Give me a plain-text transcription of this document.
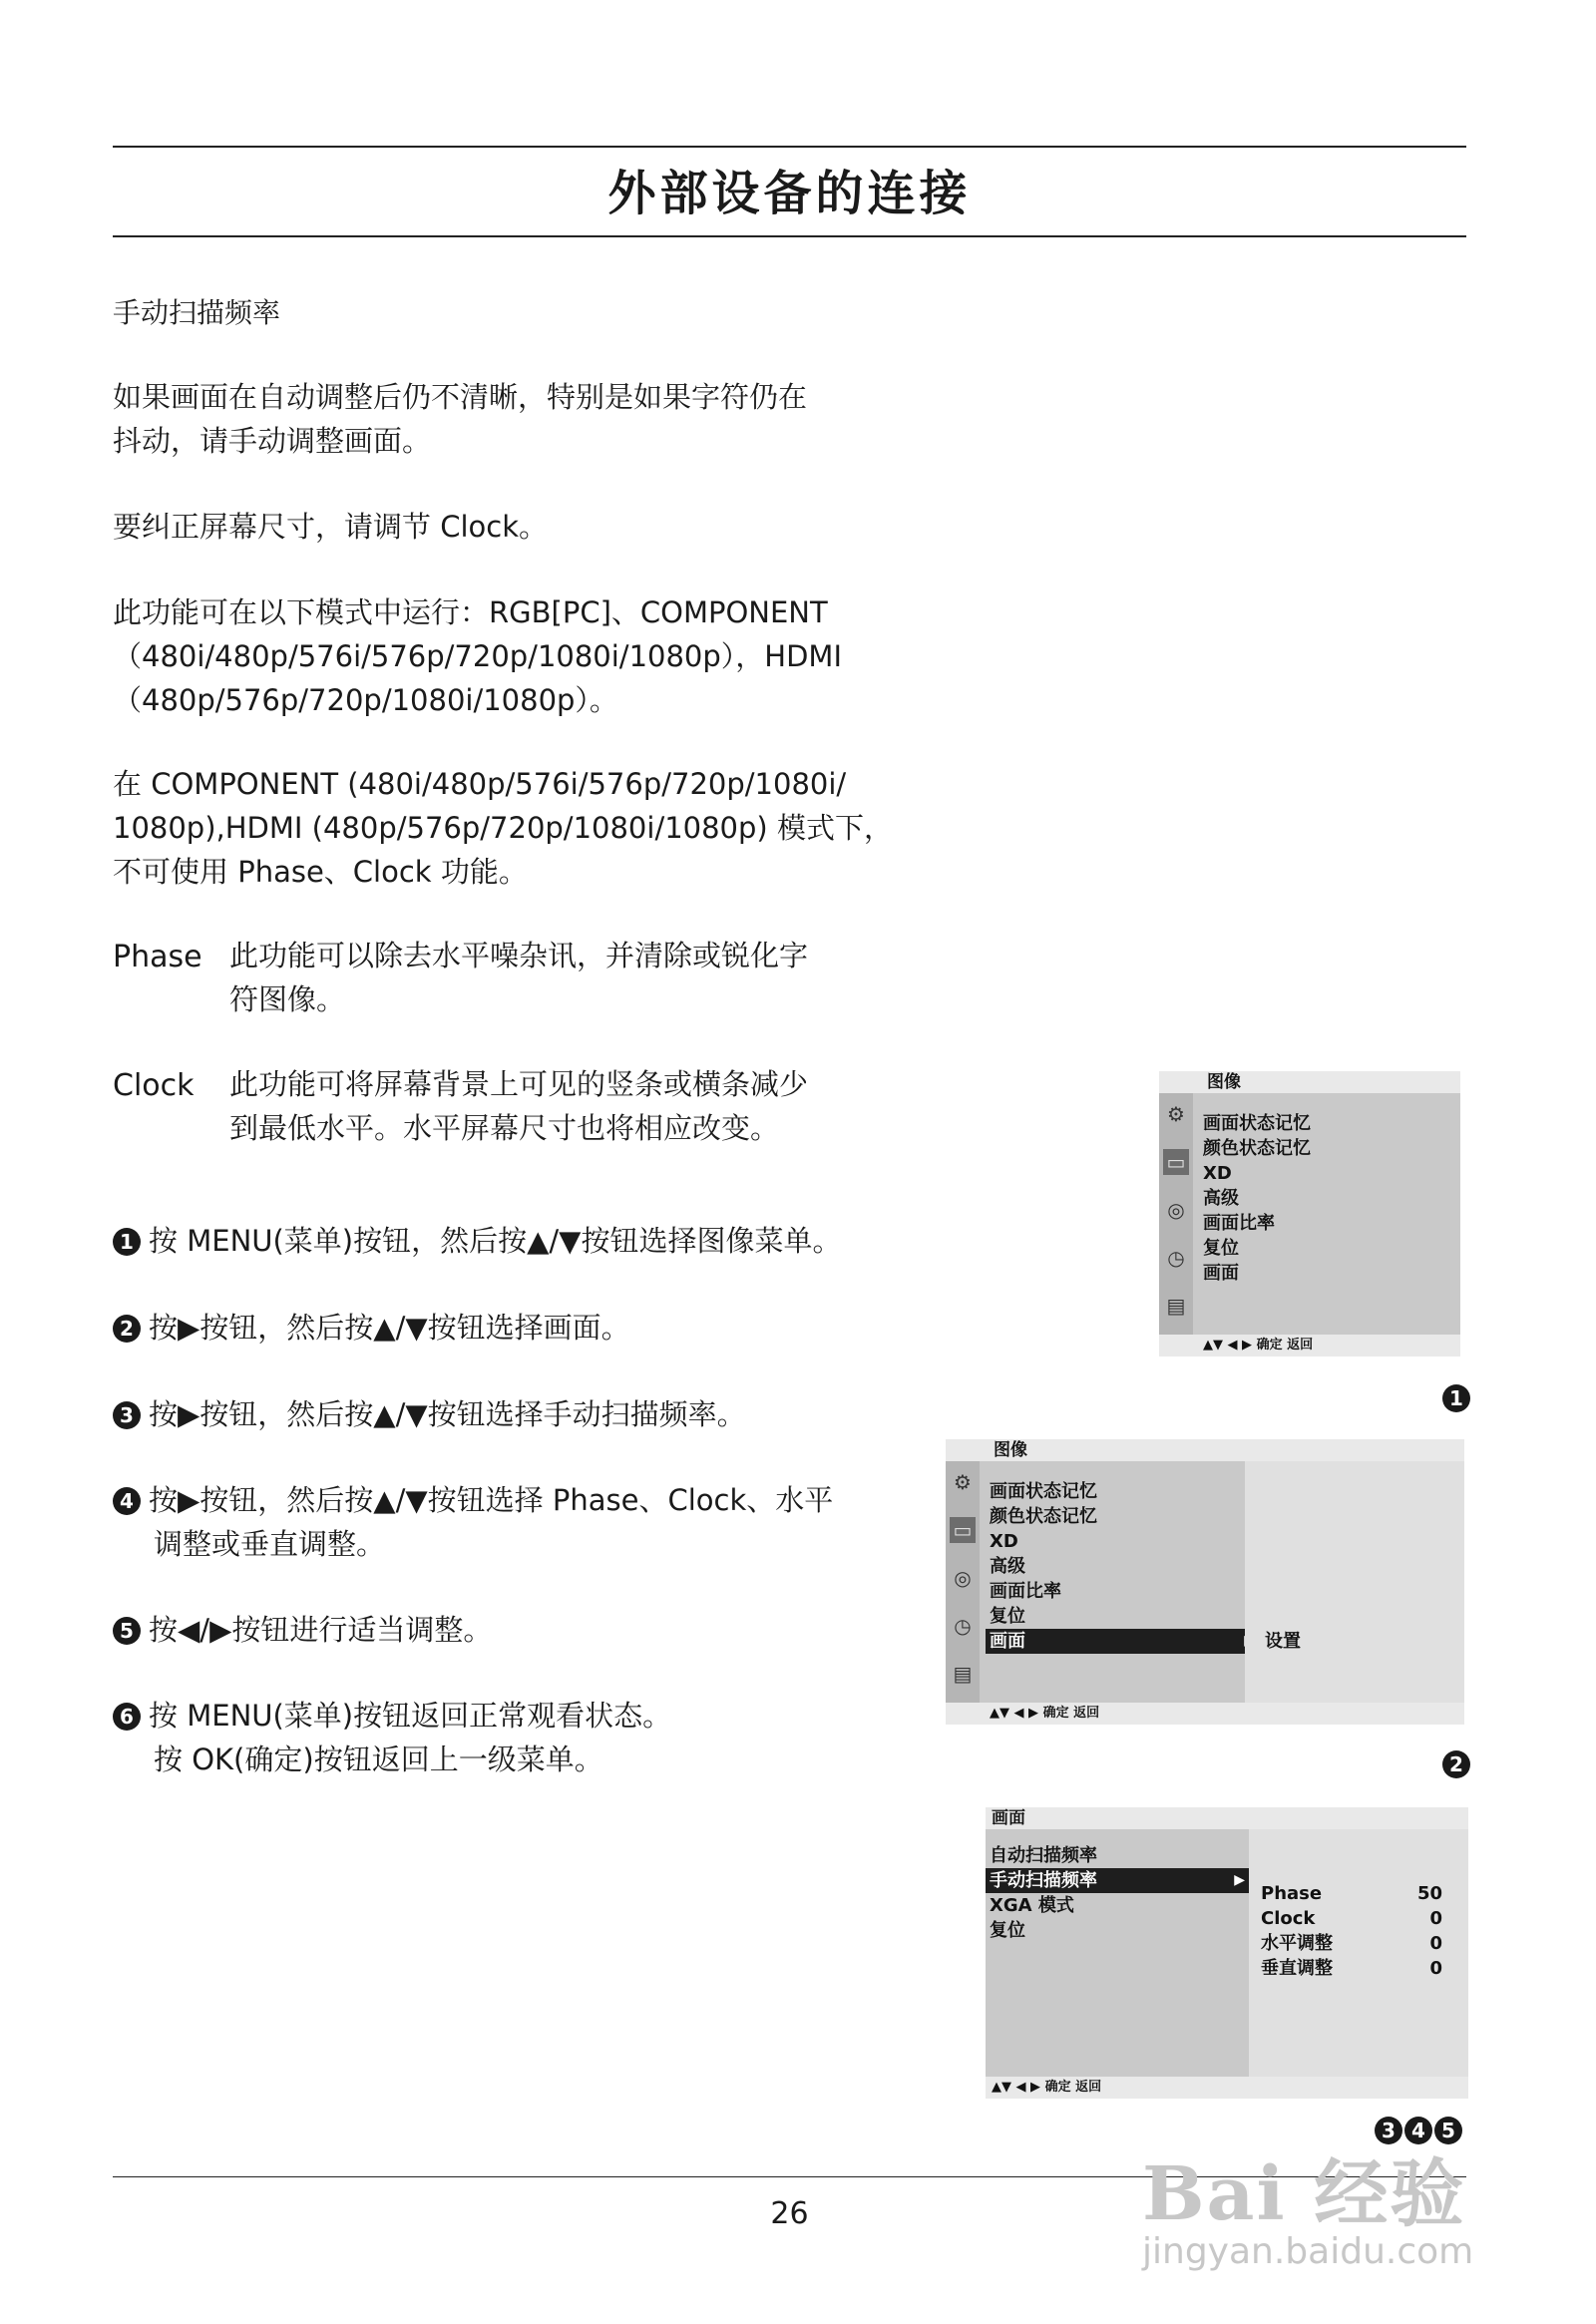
外部设备的连接
手动扫描频率
如果画面在自动调整后仍不清晰，特别是如果字符仍在
抖动，请手动调整画面。
要纠正屏幕尺寸，请调节 Clock。
此功能可在以下模式中运行：RGB[PC]、COMPONENT
（480i/480p/576i/576p/720p/1080i/1080p），HDMI
（480p/576p/720p/1080i/1080p）。
在 COMPONENT (480i/480p/576i/576p/720p/1080i/
1080p),HDMI (480p/576p/720p/1080i/1080p) 模式下，
不可使用 Phase、Clock 功能。
Phase 此功能可以除去水平噪杂讯，并清除或锐化字
符图像。
Clock 此功能可将屏幕背景上可见的竖条或横条减少
到最低水平。水平屏幕尺寸也将相应改变。
1 按 MENU(菜单)按钮，然后按▲/▼按钮选择图像菜单。
2 按▶按钮，然后按▲/▼按钮选择画面。
3 按▶按钮，然后按▲/▼按钮选择手动扫描频率。
4 按▶按钮，然后按▲/▼按钮选择 Phase、Clock、水平
调整或垂直调整。
5 按◀/▶按钮进行适当调整。
6 按 MENU(菜单)按钮返回正常观看状态。
按 OK(确定)按钮返回上一级菜单。
图像
⚙
▭
◎
◷
▤
画面状态记忆
颜色状态记忆
XD
高级
画面比率
复位
画面
▲▼ ◀ ▶ 确定 返回
1
图像
⚙
▭
◎
◷
▤
画面状态记忆
颜色状态记忆
XD
高级
画面比率
复位
画面	设置
▲▼ ◀ ▶ 确定 返回
2
画面
自动扫描频率
手动扫描频率	▶
XGA 模式
复位
Phase	50
Clock	0
水平调整	0
垂直调整	0
▲▼ ◀ ▶ 确定 返回
3 4 5
26	Bai 经验
jingyan.baidu.com
